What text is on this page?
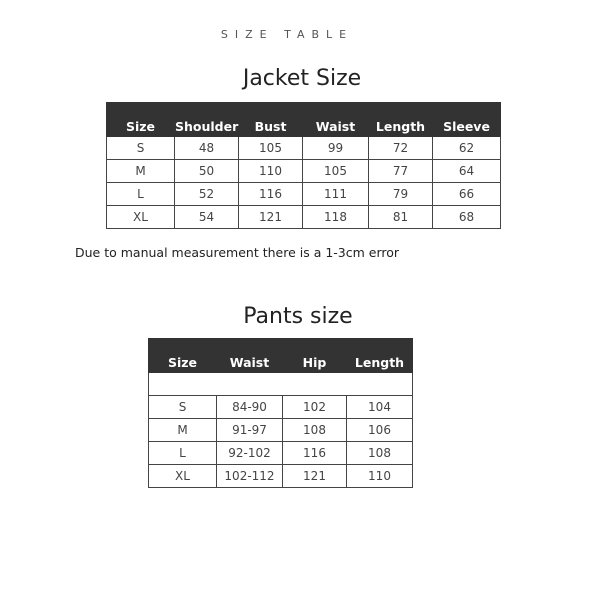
SIZE TABLE
Jacket Size
Size	Shoulder	Bust	Waist	Length	Sleeve
S	48	105	99	72	62
M	50	110	105	77	64
L	52	116	111	79	66
XL	54	121	118	81	68
Due to manual measurement there is a 1-3cm error
Pants size

Size	Waist	Hip	Length
S	84-90	102	104
M	91-97	108	106
L	92-102	116	108
XL	102-112	121	110
